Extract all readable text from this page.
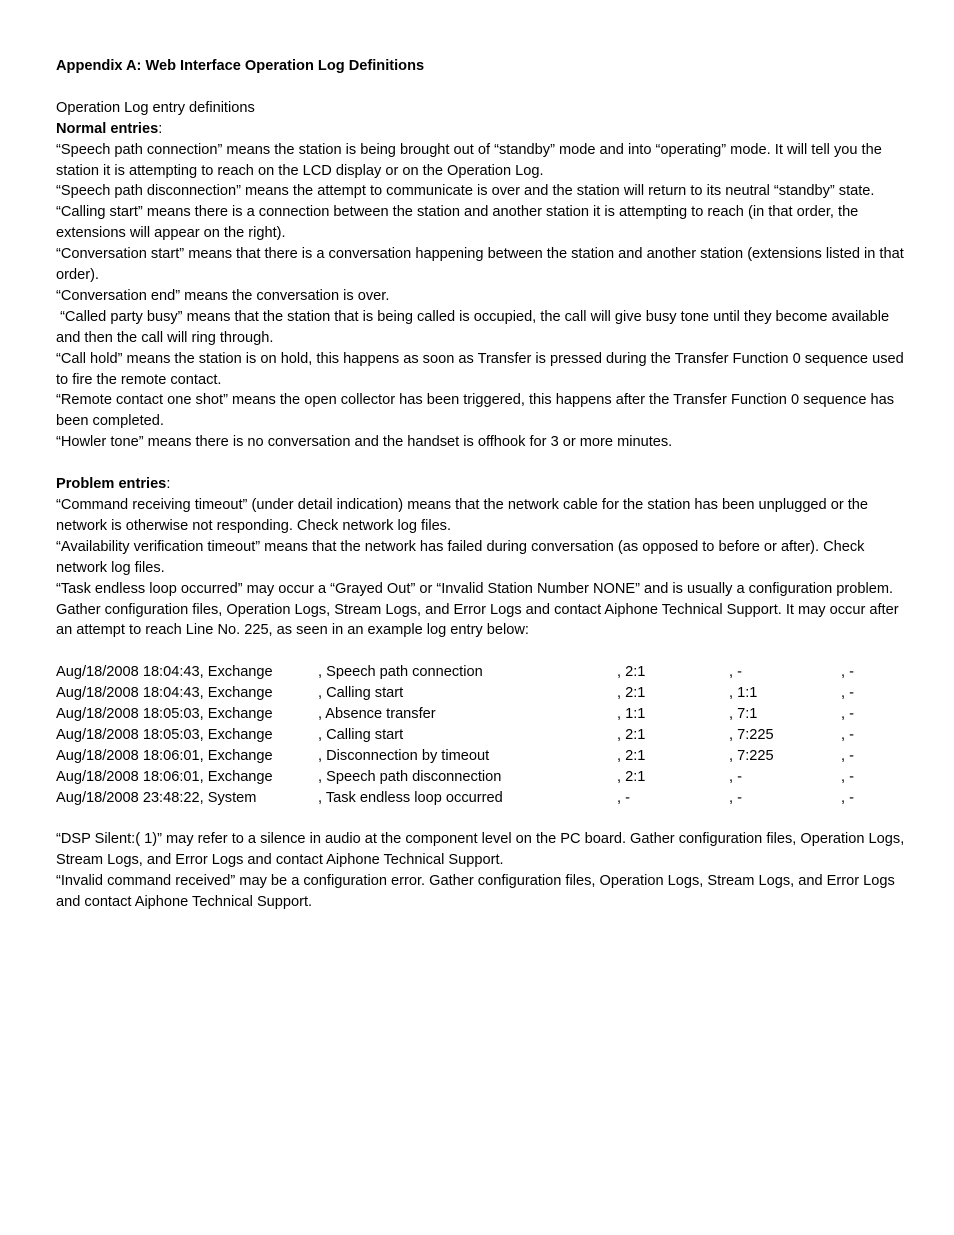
Appendix A: Web Interface Operation Log Definitions

Operation Log entry definitions

Normal entries:

“Speech path connection” means the station is being brought out of “standby” mode and into “operating” mode. It will tell you the station it is attempting to reach on the LCD display or on the Operation Log.

“Speech path disconnection” means the attempt to communicate is over and the station will return to its neutral “standby” state.

“Calling start” means there is a connection between the station and another station it is attempting to reach (in that order, the extensions will appear on the right).

“Conversation start” means that there is a conversation happening between the station and another station (extensions listed in that order).

“Conversation end” means the conversation is over.

“Called party busy” means that the station that is being called is occupied, the call will give busy tone until they become available and then the call will ring through.

“Call hold” means the station is on hold, this happens as soon as Transfer is pressed during the Transfer Function 0 sequence used to fire the remote contact.

“Remote contact one shot” means the open collector has been triggered, this happens after the Transfer Function 0 sequence has been completed.

“Howler tone” means there is no conversation and the handset is offhook for 3 or more minutes.

Problem entries:

“Command receiving timeout” (under detail indication) means that the network cable for the station has been unplugged or the network is otherwise not responding. Check network log files.

“Availability verification timeout” means that the network has failed during conversation (as opposed to before or after). Check network log files.

“Task endless loop occurred” may occur a “Grayed Out” or “Invalid Station Number NONE” and is usually a configuration problem. Gather configuration files, Operation Logs, Stream Logs, and Error Logs and contact Aiphone Technical Support. It may occur after an attempt to reach Line No. 225, as seen in an example log entry below:

Aug/18/2008 18:04:43, Exchange	, Speech path connection	, 2:1	, -	, -
Aug/18/2008 18:04:43, Exchange	, Calling start	, 2:1	, 1:1	, -
Aug/18/2008 18:05:03, Exchange	, Absence transfer	, 1:1	, 7:1	, -
Aug/18/2008 18:05:03, Exchange	, Calling start	, 2:1	, 7:225	, -
Aug/18/2008 18:06:01, Exchange	, Disconnection by timeout	, 2:1	, 7:225	, -
Aug/18/2008 18:06:01, Exchange	, Speech path disconnection	, 2:1	, -	, -
Aug/18/2008 23:48:22, System	, Task endless loop occurred	, -	, -	, -

“DSP Silent:( 1)” may refer to a silence in audio at the component level on the PC board. Gather configuration files, Operation Logs, Stream Logs, and Error Logs and contact Aiphone Technical Support.

“Invalid command received” may be a configuration error. Gather configuration files, Operation Logs, Stream Logs, and Error Logs and contact Aiphone Technical Support.
